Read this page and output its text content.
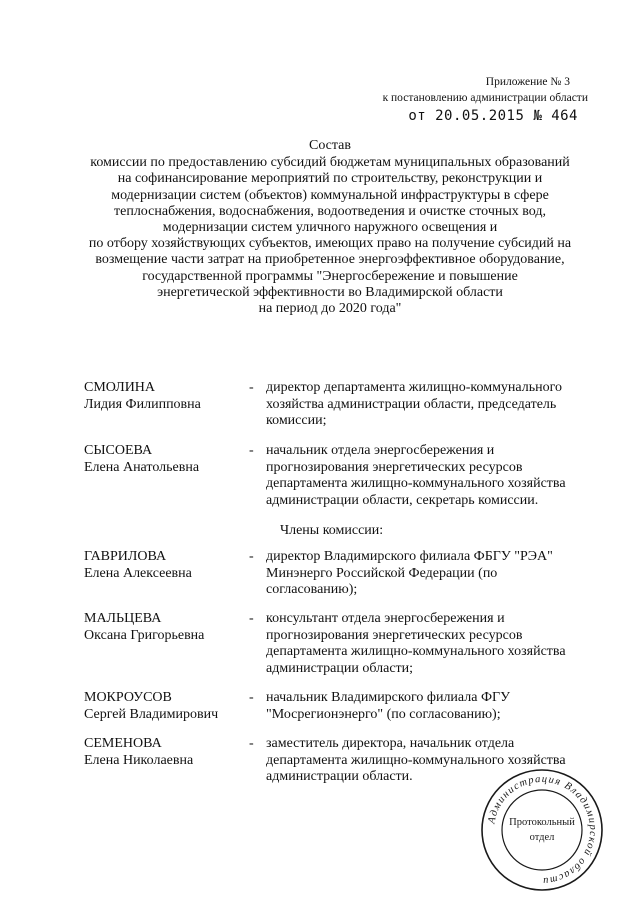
Приложение № 3
к постановлению администрации области
от 20.05.2015 № 464
Состав
комиссии по предоставлению субсидий бюджетам муниципальных образований
на софинансирование мероприятий по строительству, реконструкции и
модернизации систем (объектов) коммунальной инфраструктуры в сфере
теплоснабжения, водоснабжения, водоотведения и очистке сточных вод,
модернизации систем уличного наружного освещения и
по отбору хозяйствующих субъектов, имеющих право на получение субсидий на
возмещение части затрат на приобретенное энергоэффективное оборудование,
государственной программы "Энергосбережение и повышение
энергетической эффективности во Владимирской области
на период до 2020 года"
СМОЛИНА
Лидия Филипповна
- директор департамента жилищно-коммунального
хозяйства администрации области, председатель
комиссии;
СЫСОЕВА
Елена Анатольевна
- начальник отдела энергосбережения и
прогнозирования энергетических ресурсов
департамента жилищно-коммунального хозяйства
администрации области, секретарь комиссии.
Члены комиссии:
ГАВРИЛОВА
Елена Алексеевна
- директор Владимирского филиала ФБГУ "РЭА"
Минэнерго Российской Федерации (по
согласованию);
МАЛЬЦЕВА
Оксана Григорьевна
- консультант отдела энергосбережения и
прогнозирования энергетических ресурсов
департамента жилищно-коммунального хозяйства
администрации области;
МОКРОУСОВ
Сергей Владимирович
- начальник Владимирского филиала ФГУ
"Мосрегионэнерго" (по согласованию);
СЕМЕНОВА
Елена Николаевна
- заместитель директора, начальник отдела
департамента жилищно-коммунального хозяйства
администрации области.
Администрация Владимирской области
Протокольный
отдел
